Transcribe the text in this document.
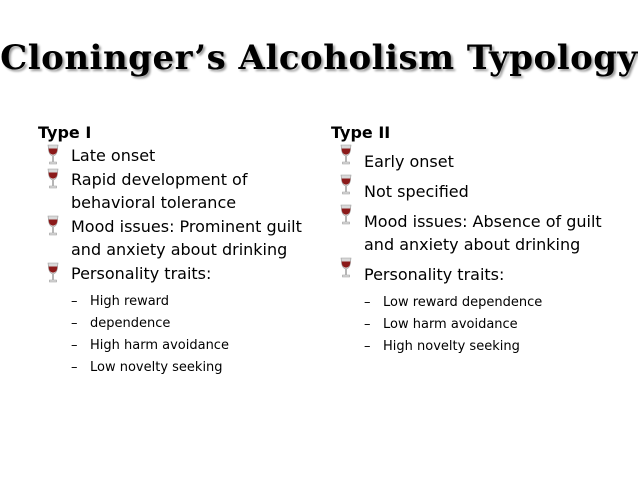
Cloninger’s Alcoholism Typology
Type I
Late onset
Rapid development of behavioral tolerance
Mood issues: Prominent guilt and anxiety about drinking
Personality traits:
– High reward
– dependence
– High harm avoidance
– Low novelty seeking
Type II
Early onset
Not specified
Mood issues: Absence of guilt and anxiety about drinking
Personality traits:
– Low reward dependence
– Low harm avoidance
– High novelty seeking
